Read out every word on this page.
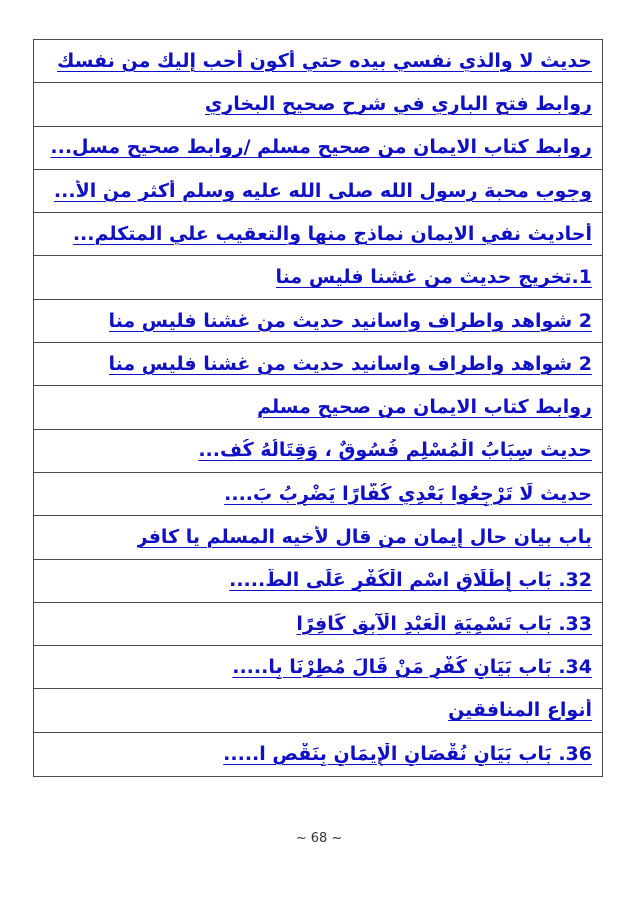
حديث لا والذي نفسي بيده حتي أكون أحب إليك من نفسك
روابط فتح الباري في شرح صحيح البخاري
روابط كتاب الايمان من صحيح مسلم /روابط صحيح مسل...
وجوب محبة رسول الله صلى الله عليه وسلم أكثر من الأ...
أحاديث نفي الايمان نماذج منها والتعقيب علي المتكلم...
1.تخريج حديث من غشنا فليس منا
2 شواهد واطراف واسانيد حديث من غشنا فليس منا
2 شواهد واطراف واسانيد حديث من غشنا فليس منا
روابط كتاب الايمان من صحيح مسلم
حديث سِبَابُ الْمُسْلِمِ فُسُوقٌ ، وَقِتَالُهُ كُف...
حديث لَا تَرْجِعُوا بَعْدِي كُفَّارًا يَضْرِبُ بَ....
باب بيان حال إيمان من قال لأخيه المسلم يا كافر
32. بَاب إِطْلَاقِ اسْمِ الْكُفْرِ عَلَى الطَّ.....
33. بَاب تَسْمِيَةِ الْعَبْدِ الْآبِقِ كَافِرًا
34. بَاب بَيَانِ كُفْرِ مَنْ قَالَ مُطِرْنَا بِا.....
أنواع المنافقين
36. بَاب بَيَانِ نُقْصَانِ الْإِيمَانِ بِنَقْصِ ا.....
~ 68 ~
